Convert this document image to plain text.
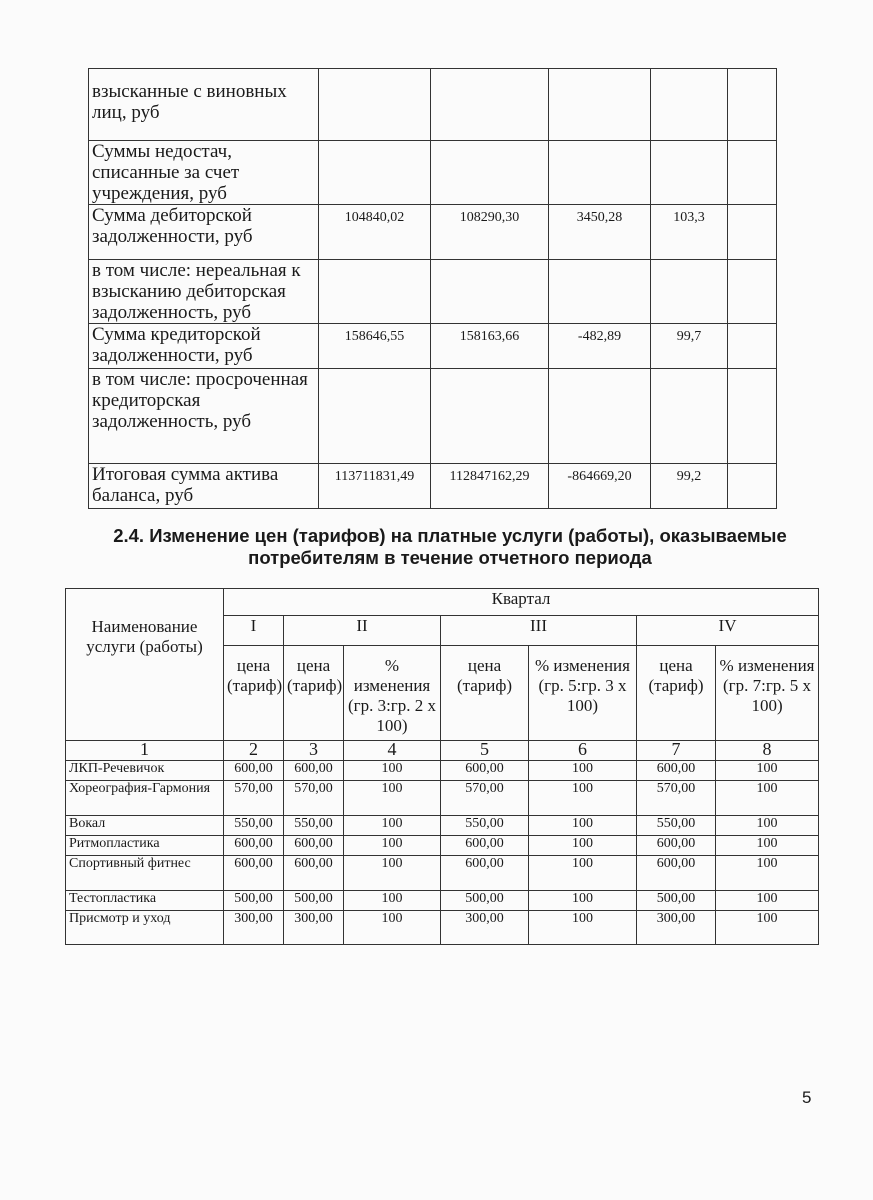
взысканные с виновных лиц, руб					
Суммы недостач, списанные за счет учреждения, руб					
Сумма дебиторской задолженности, руб	104840,02	108290,30	3450,28	103,3	
в том числе: нереальная к взысканию дебиторская задолженность, руб					
Сумма кредиторской задолженности, руб	158646,55	158163,66	-482,89	99,7	
в том числе: просроченная кредиторская задолженность, руб					
Итоговая сумма актива баланса, руб	113711831,49	112847162,29	-864669,20	99,2	
2.4. Изменение цен (тарифов) на платные услуги (работы), оказываемые потребителям в течение отчетного периода
Наименование услуги (работы)	Квартал						
	I	II		III		IV	
	цена (тариф)	цена (тариф)	% изменения (гр. 3:гр. 2 х 100)	цена (тариф)	% изменения (гр. 5:гр. 3 х 100)	цена (тариф)	% изменения (гр. 7:гр. 5 х 100)
1	2	3	4	5	6	7	8
ЛКП-Речевичок	600,00	600,00	100	600,00	100	600,00	100
Хореография-Гармония	570,00	570,00	100	570,00	100	570,00	100
Вокал	550,00	550,00	100	550,00	100	550,00	100
Ритмопластика	600,00	600,00	100	600,00	100	600,00	100
Спортивный фитнес	600,00	600,00	100	600,00	100	600,00	100
Тестопластика	500,00	500,00	100	500,00	100	500,00	100
Присмотр и уход	300,00	300,00	100	300,00	100	300,00	100
5
